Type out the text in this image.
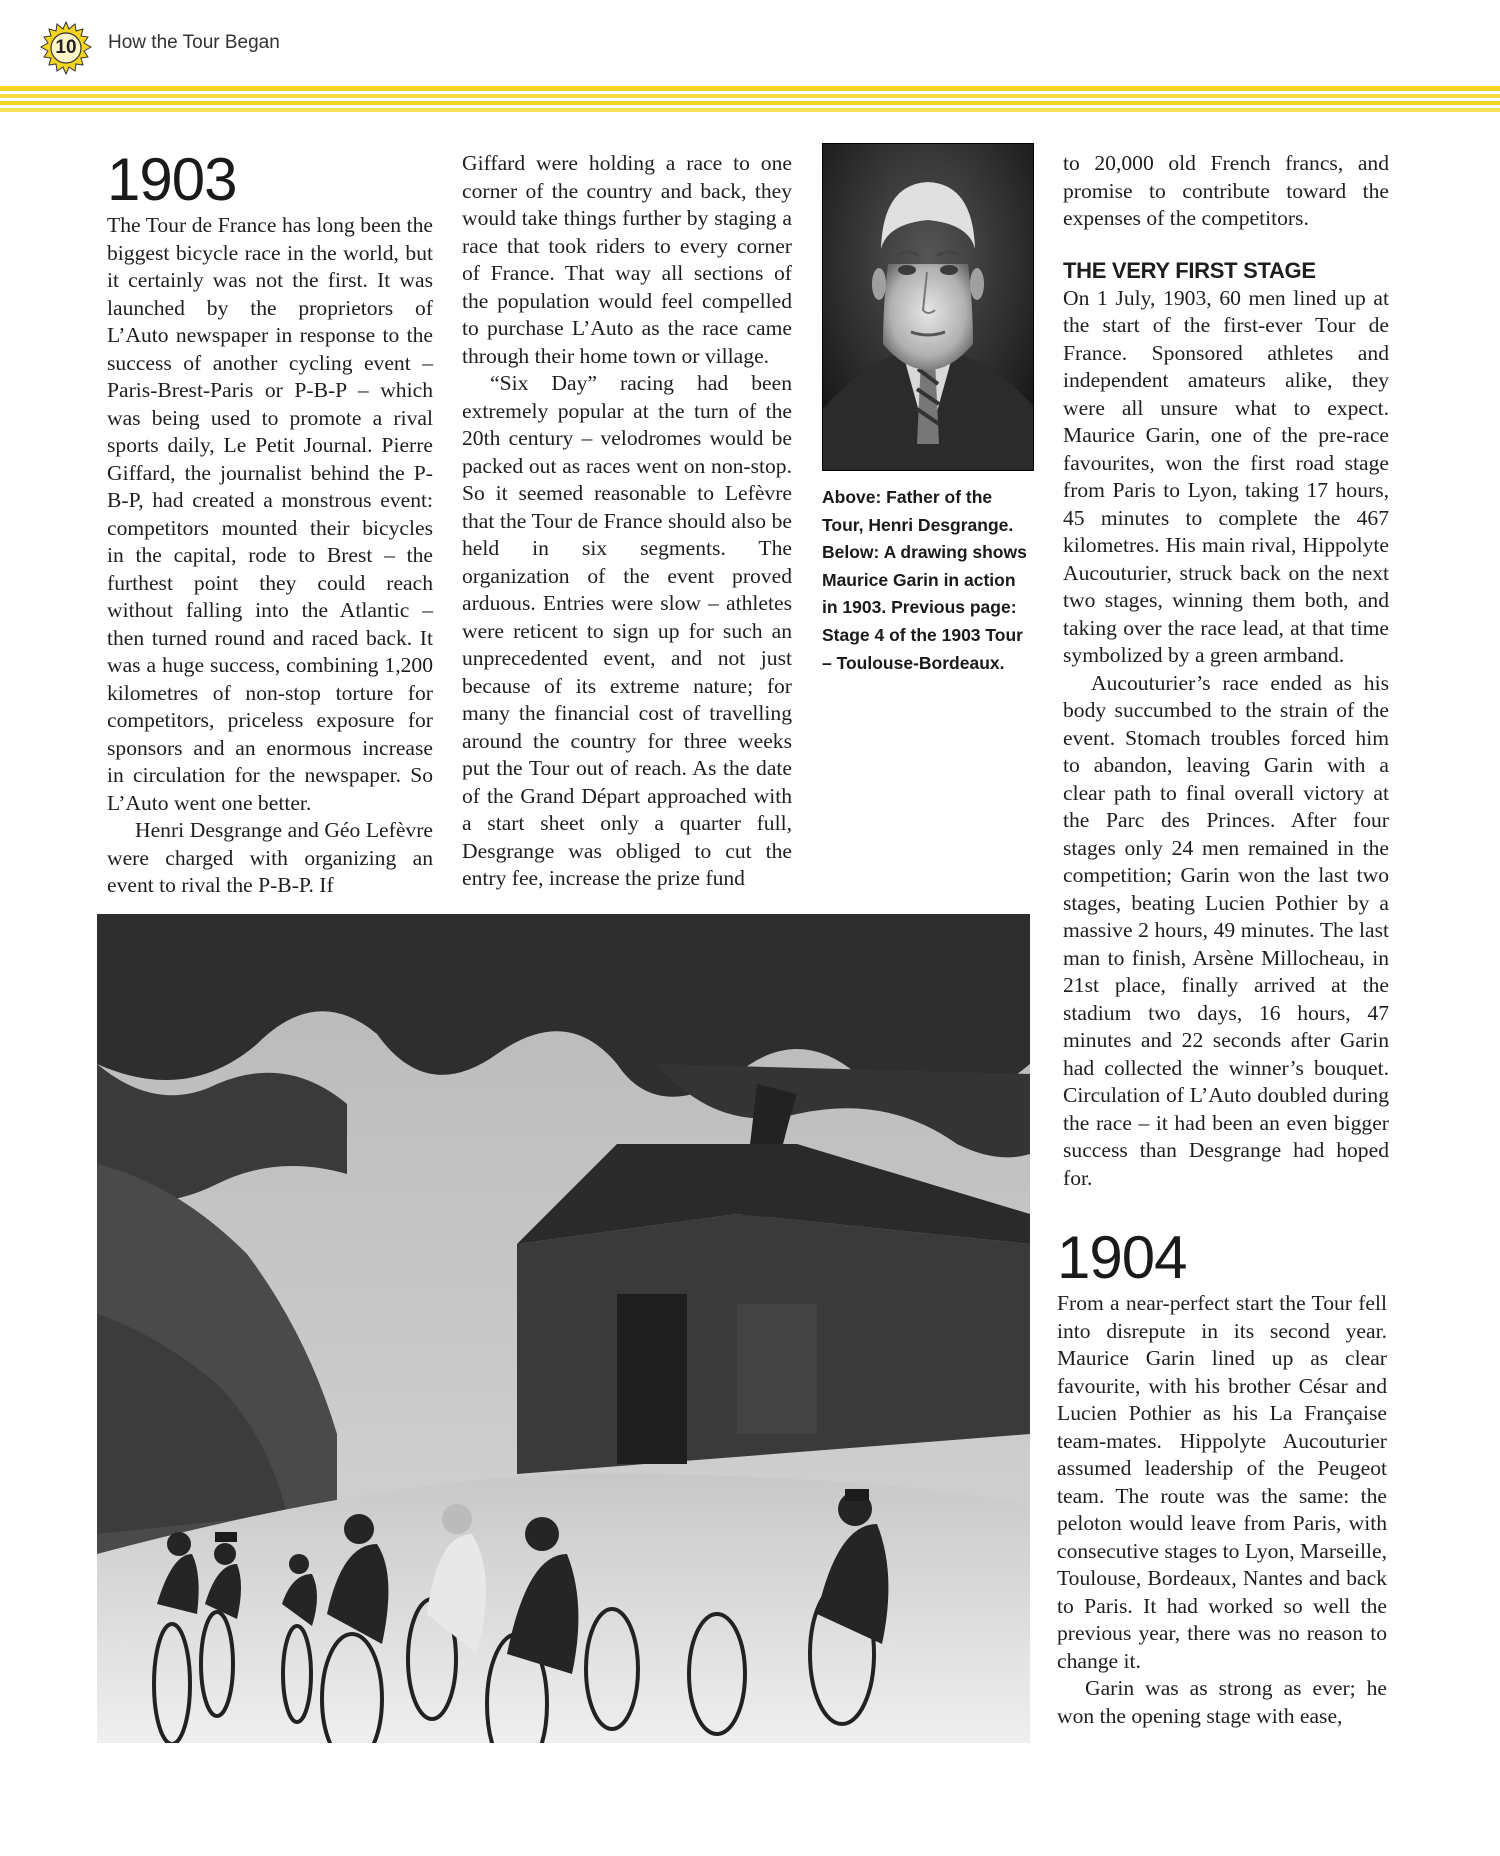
10	How the Tour Began
1903

The Tour de France has long been the biggest bicycle race in the world, but it certainly was not the first. It was launched by the proprietors of L’Auto newspaper in response to the success of another cycling event – Paris-Brest-Paris or P-B-P – which was being used to promote a rival sports daily, Le Petit Journal. Pierre Giffard, the journalist behind the P-B-P, had created a monstrous event: competitors mounted their bicycles in the capital, rode to Brest – the furthest point they could reach without falling into the Atlantic – then turned round and raced back. It was a huge success, combining 1,200 kilometres of non-stop torture for competitors, priceless exposure for sponsors and an enormous increase in circulation for the newspaper. So L’Auto went one better.

Henri Desgrange and Géo Lefèvre were charged with organizing an event to rival the P-B-P. If

Giffard were holding a race to one corner of the country and back, they would take things further by staging a race that took riders to every corner of France. That way all sections of the population would feel compelled to purchase L’Auto as the race came through their home town or village.

“Six Day” racing had been extremely popular at the turn of the 20th century – velodromes would be packed out as races went on non-stop. So it seemed reasonable to Lefèvre that the Tour de France should also be held in six segments. The organization of the event proved arduous. Entries were slow – athletes were reticent to sign up for such an unprecedented event, and not just because of its extreme nature; for many the financial cost of travelling around the country for three weeks put the Tour out of reach. As the date of the Grand Départ approached with a start sheet only a quarter full, Desgrange was obliged to cut the entry fee, increase the prize fund

Above: Father of the Tour, Henri Desgrange. Below: A drawing shows Maurice Garin in action in 1903. Previous page: Stage 4 of the 1903 Tour – Toulouse-Bordeaux.

to 20,000 old French francs, and promise to contribute toward the expenses of the competitors.

THE VERY FIRST STAGE

On 1 July, 1903, 60 men lined up at the start of the first-ever Tour de France. Sponsored athletes and independent amateurs alike, they were all unsure what to expect. Maurice Garin, one of the pre-race favourites, won the first road stage from Paris to Lyon, taking 17 hours, 45 minutes to complete the 467 kilometres. His main rival, Hippolyte Aucouturier, struck back on the next two stages, winning them both, and taking over the race lead, at that time symbolized by a green armband.

Aucouturier’s race ended as his body succumbed to the strain of the event. Stomach troubles forced him to abandon, leaving Garin with a clear path to final overall victory at the Parc des Princes. After four stages only 24 men remained in the competition; Garin won the last two stages, beating Lucien Pothier by a massive 2 hours, 49 minutes. The last man to finish, Arsène Millocheau, in 21st place, finally arrived at the stadium two days, 16 hours, 47 minutes and 22 seconds after Garin had collected the winner’s bouquet. Circulation of L’Auto doubled during the race – it had been an even bigger success than Desgrange had hoped for.

1904

From a near-perfect start the Tour fell into disrepute in its second year. Maurice Garin lined up as clear favourite, with his brother César and Lucien Pothier as his La Française team-mates. Hippolyte Aucouturier assumed leadership of the Peugeot team. The route was the same: the peloton would leave from Paris, with consecutive stages to Lyon, Marseille, Toulouse, Bordeaux, Nantes and back to Paris. It had worked so well the previous year, there was no reason to change it.

Garin was as strong as ever; he won the opening stage with ease,
